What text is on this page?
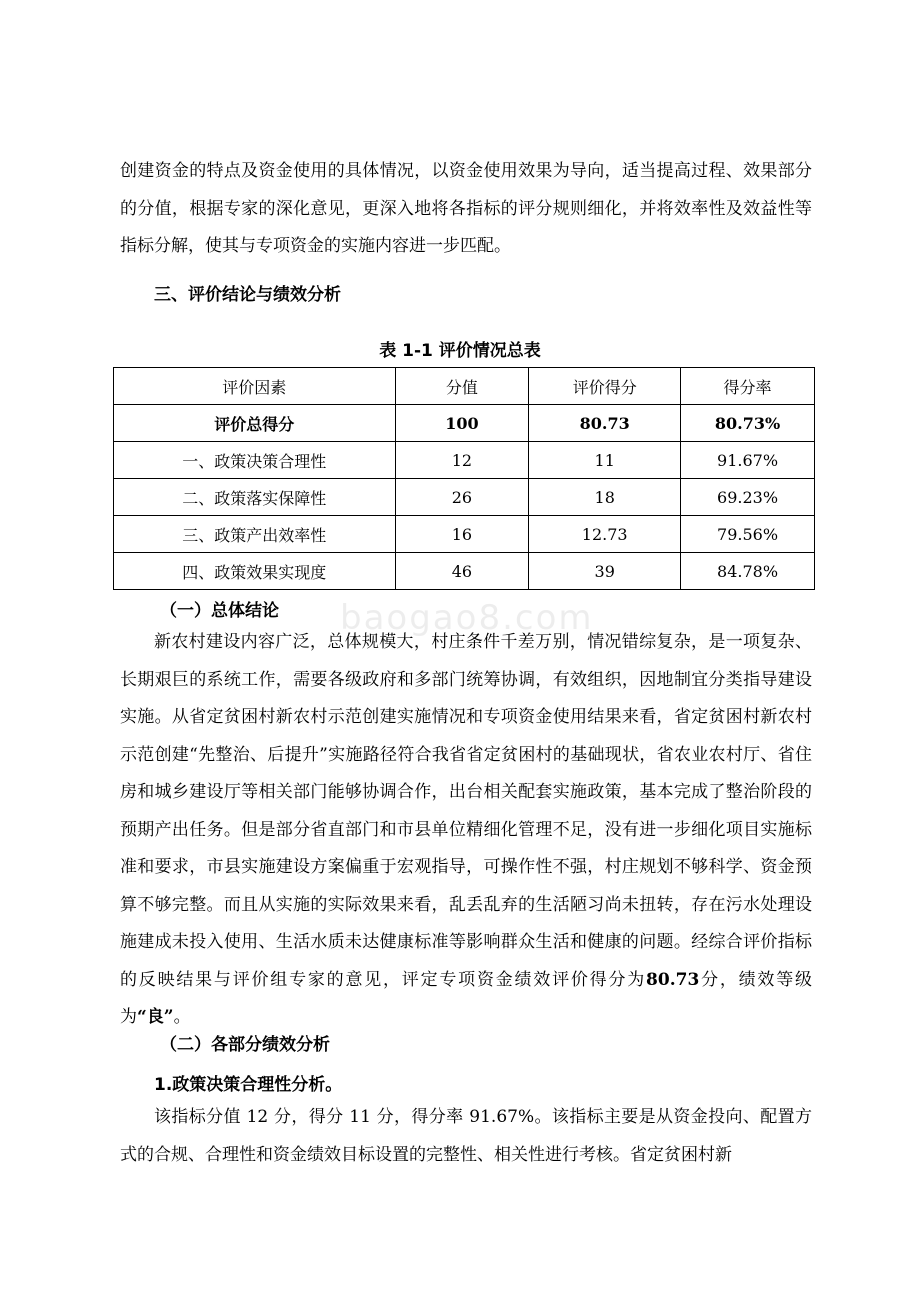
创建资金的特点及资金使用的具体情况，以资金使用效果为导向，适当提高过程、效果部分的分值，根据专家的深化意见，更深入地将各指标的评分规则细化，并将效率性及效益性等指标分解，使其与专项资金的实施内容进一步匹配。

三、评价结论与绩效分析

表 1-1 评价情况总表

评价因素	分值	评价得分	得分率
评价总得分	100	80.73	80.73%
一、政策决策合理性	12	11	91.67%
二、政策落实保障性	26	18	69.23%
三、政策产出效率性	16	12.73	79.56%
四、政策效果实现度	46	39	84.78%
baogao8.com

（一）总体结论

新农村建设内容广泛，总体规模大，村庄条件千差万别，情况错综复杂，是一项复杂、长期艰巨的系统工作，需要各级政府和多部门统筹协调，有效组织，因地制宜分类指导建设实施。从省定贫困村新农村示范创建实施情况和专项资金使用结果来看，省定贫困村新农村示范创建“先整治、后提升”实施路径符合我省省定贫困村的基础现状，省农业农村厅、省住房和城乡建设厅等相关部门能够协调合作，出台相关配套实施政策，基本完成了整治阶段的预期产出任务。但是部分省直部门和市县单位精细化管理不足，没有进一步细化项目实施标准和要求，市县实施建设方案偏重于宏观指导，可操作性不强，村庄规划不够科学、资金预算不够完整。而且从实施的实际效果来看，乱丢乱弃的生活陋习尚未扭转，存在污水处理设施建成未投入使用、生活水质未达健康标准等影响群众生活和健康的问题。经综合评价指标的反映结果与评价组专家的意见，评定专项资金绩效评价得分为80.73分，绩效等级为“良”。

（二）各部分绩效分析

1.政策决策合理性分析。

该指标分值 12 分，得分 11 分，得分率 91.67%。该指标主要是从资金投向、配置方式的合规、合理性和资金绩效目标设置的完整性、相关性进行考核。省定贫困村新
